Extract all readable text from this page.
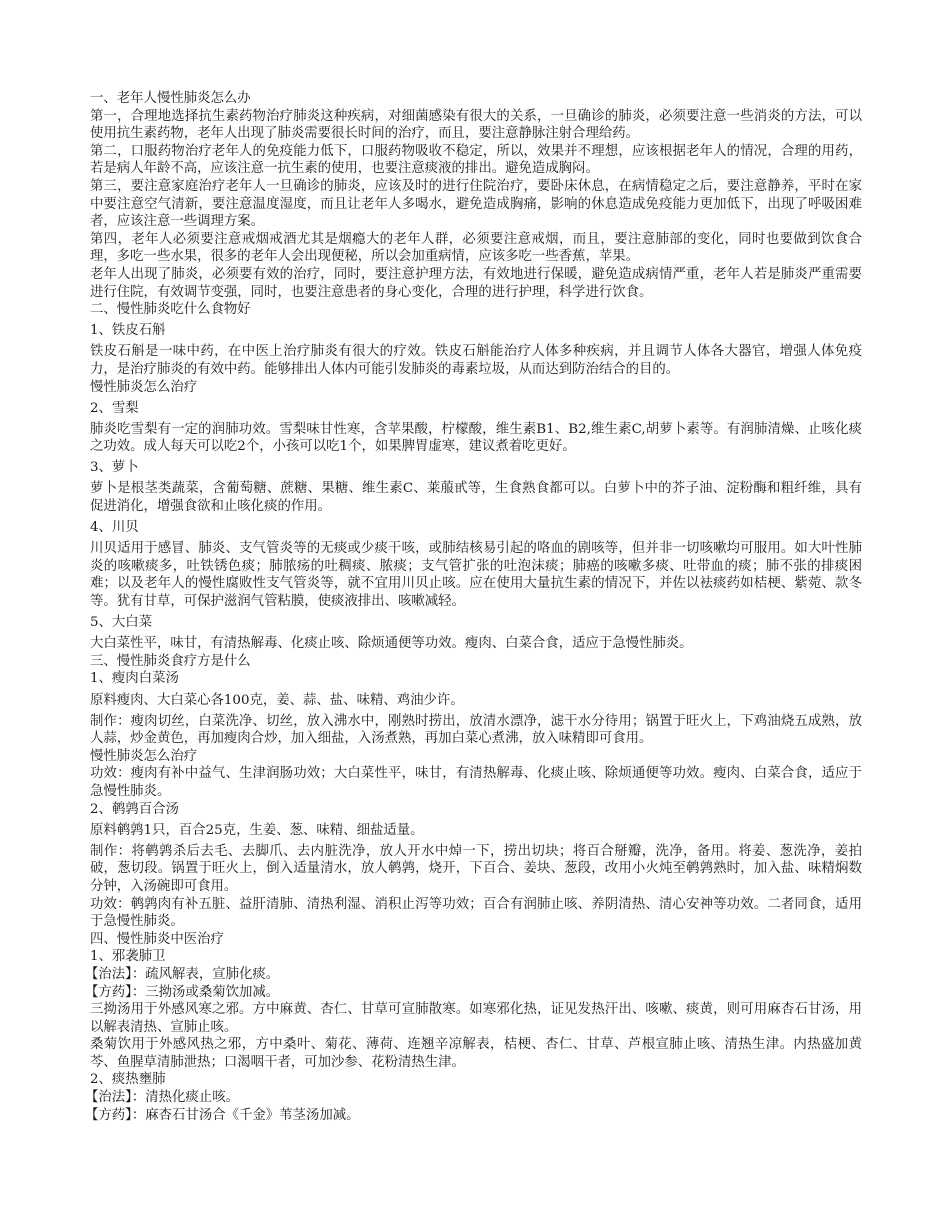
一、老年人慢性肺炎怎么办

第一，合理地选择抗生素药物治疗肺炎这种疾病，对细菌感染有很大的关系，一旦确诊的肺炎，必须要注意一些消炎的方法，可以使用抗生素药物，老年人出现了肺炎需要很长时间的治疗，而且，要注意静脉注射合理给药。

第二，口服药物治疗老年人的免疫能力低下，口服药物吸收不稳定，所以，效果并不理想，应该根据老年人的情况，合理的用药，若是病人年龄不高，应该注意一抗生素的使用，也要注意痰液的排出。避免造成胸闷。

第三，要注意家庭治疗老年人一旦确诊的肺炎，应该及时的进行住院治疗，要卧床休息，在病情稳定之后，要注意静养，平时在家中要注意空气清新，要注意温度湿度，而且让老年人多喝水，避免造成胸痛，影响的休息造成免疫能力更加低下，出现了呼吸困难者，应该注意一些调理方案。

第四，老年人必须要注意戒烟戒酒尤其是烟瘾大的老年人群，必须要注意戒烟，而且，要注意肺部的变化，同时也要做到饮食合理，多吃一些水果，很多的老年人会出现便秘，所以会加重病情，应该多吃一些香蕉，苹果。

老年人出现了肺炎，必须要有效的治疗，同时，要注意护理方法，有效地进行保暖，避免造成病情严重，老年人若是肺炎严重需要进行住院，有效调节变强，同时，也要注意患者的身心变化，合理的进行护理，科学进行饮食。

二、慢性肺炎吃什么食物好

1、铁皮石斛

铁皮石斛是一味中药，在中医上治疗肺炎有很大的疗效。铁皮石斛能治疗人体多种疾病，并且调节人体各大器官，增强人体免疫力，是治疗肺炎的有效中药。能够排出人体内可能引发肺炎的毒素垃圾，从而达到防治结合的目的。

慢性肺炎怎么治疗

2、雪梨

肺炎吃雪梨有一定的润肺功效。雪梨味甘性寒，含苹果酸，柠檬酸，维生素B1、B2,维生素C,胡萝卜素等。有润肺清燥、止咳化痰之功效。成人每天可以吃2个，小孩可以吃1个，如果脾胃虚寒，建议煮着吃更好。

3、萝卜

萝卜是根茎类蔬菜，含葡萄糖、蔗糖、果糖、维生素C、莱菔甙等，生食熟食都可以。白萝卜中的芥子油、淀粉酶和粗纤维，具有促进消化，增强食欲和止咳化痰的作用。

4、川贝

川贝适用于感冒、肺炎、支气管炎等的无痰或少痰干咳，或肺结核易引起的咯血的剧咳等，但并非一切咳嗽均可服用。如大叶性肺炎的咳嗽痰多，吐铁锈色痰；肺脓疡的吐稠痰、脓痰；支气管扩张的吐泡沫痰；肺癌的咳嗽多痰、吐带血的痰；肺不张的排痰困难；以及老年人的慢性腐败性支气管炎等，就不宜用川贝止咳。应在使用大量抗生素的情况下，并佐以袪痰药如桔梗、紫菀、款冬等。犹有甘草，可保护滋润气管粘膜，使痰液排出、咳嗽减轻。

5、大白菜

大白菜性平，味甘，有清热解毒、化痰止咳、除烦通便等功效。瘦肉、白菜合食，适应于急慢性肺炎。

三、慢性肺炎食疗方是什么

1、瘦肉白菜汤

原料瘦肉、大白菜心各100克，姜、蒜、盐、味精、鸡油少许。

制作：瘦肉切丝，白菜洗净、切丝，放入沸水中，刚熟时捞出，放清水漂净，滤干水分待用；锅置于旺火上，下鸡油烧五成熟，放人蒜，炒金黄色，再加瘦肉合炒，加入细盐，入汤煮熟，再加白菜心煮沸，放入味精即可食用。

慢性肺炎怎么治疗

功效：瘦肉有补中益气、生津润肠功效；大白菜性平，味甘，有清热解毒、化痰止咳、除烦通便等功效。瘦肉、白菜合食，适应于急慢性肺炎。

2、鹌鹑百合汤

原料鹌鹑1只，百合25克，生姜、葱、味精、细盐适量。

制作：将鹌鹑杀后去毛、去脚爪、去内脏洗净，放人开水中焯一下，捞出切块；将百合掰瓣，洗净，备用。将姜、葱洗净，姜拍破，葱切段。锅置于旺火上，倒入适量清水，放人鹌鹑，烧开，下百合、姜块、葱段，改用小火炖至鹌鹑熟时，加入盐、味精焖数分钟，入汤碗即可食用。

功效：鹌鹑肉有补五脏、益肝清肺、清热利湿、消积止泻等功效；百合有润肺止咳、养阴清热、清心安神等功效。二者同食，适用于急慢性肺炎。

四、慢性肺炎中医治疗

1、邪袭肺卫

【治法】：疏风解表，宣肺化痰。

【方药】：三拗汤或桑菊饮加减。

三拗汤用于外感风寒之邪。方中麻黄、杏仁、甘草可宣肺散寒。如寒邪化热，证见发热汗出、咳嗽、痰黄，则可用麻杏石甘汤，用以解表清热、宣肺止咳。

桑菊饮用于外感风热之邪，方中桑叶、菊花、薄荷、连翘辛凉解表，桔梗、杏仁、甘草、芦根宣肺止咳、清热生津。内热盛加黄芩、鱼腥草清肺泄热；口渴咽干者，可加沙参、花粉清热生津。

2、痰热壅肺

【治法】：清热化痰止咳。

【方药】：麻杏石甘汤合《千金》苇茎汤加减。
